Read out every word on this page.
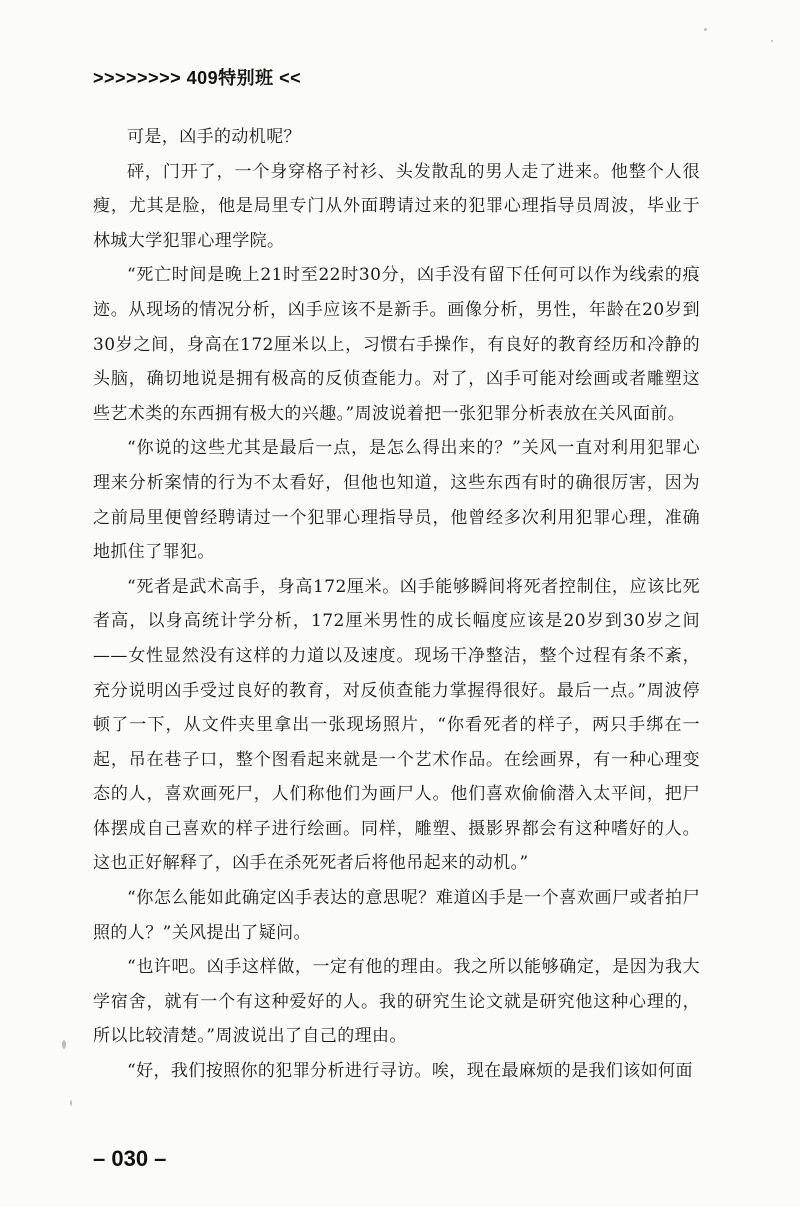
>>>>>>>> 409特别班 <<

可是，凶手的动机呢？

砰，门开了，一个身穿格子衬衫、头发散乱的男人走了进来。他整个人很瘦，尤其是脸，他是局里专门从外面聘请过来的犯罪心理指导员周波，毕业于林城大学犯罪心理学院。

“死亡时间是晚上21时至22时30分，凶手没有留下任何可以作为线索的痕迹。从现场的情况分析，凶手应该不是新手。画像分析，男性，年龄在20岁到30岁之间，身高在172厘米以上，习惯右手操作，有良好的教育经历和冷静的头脑，确切地说是拥有极高的反侦查能力。对了，凶手可能对绘画或者雕塑这些艺术类的东西拥有极大的兴趣。”周波说着把一张犯罪分析表放在关风面前。

“你说的这些尤其是最后一点，是怎么得出来的？”关风一直对利用犯罪心理来分析案情的行为不太看好，但他也知道，这些东西有时的确很厉害，因为之前局里便曾经聘请过一个犯罪心理指导员，他曾经多次利用犯罪心理，准确地抓住了罪犯。

“死者是武术高手，身高172厘米。凶手能够瞬间将死者控制住，应该比死者高，以身高统计学分析，172厘米男性的成长幅度应该是20岁到30岁之间——女性显然没有这样的力道以及速度。现场干净整洁，整个过程有条不紊，充分说明凶手受过良好的教育，对反侦查能力掌握得很好。最后一点。”周波停顿了一下，从文件夹里拿出一张现场照片，“你看死者的样子，两只手绑在一起，吊在巷子口，整个图看起来就是一个艺术作品。在绘画界，有一种心理变态的人，喜欢画死尸，人们称他们为画尸人。他们喜欢偷偷潜入太平间，把尸体摆成自己喜欢的样子进行绘画。同样，雕塑、摄影界都会有这种嗜好的人。这也正好解释了，凶手在杀死死者后将他吊起来的动机。”

“你怎么能如此确定凶手表达的意思呢？难道凶手是一个喜欢画尸或者拍尸照的人？”关风提出了疑问。

“也许吧。凶手这样做，一定有他的理由。我之所以能够确定，是因为我大学宿舍，就有一个有这种爱好的人。我的研究生论文就是研究他这种心理的，所以比较清楚。”周波说出了自己的理由。

“好，我们按照你的犯罪分析进行寻访。唉，现在最麻烦的是我们该如何面

– 030 –
